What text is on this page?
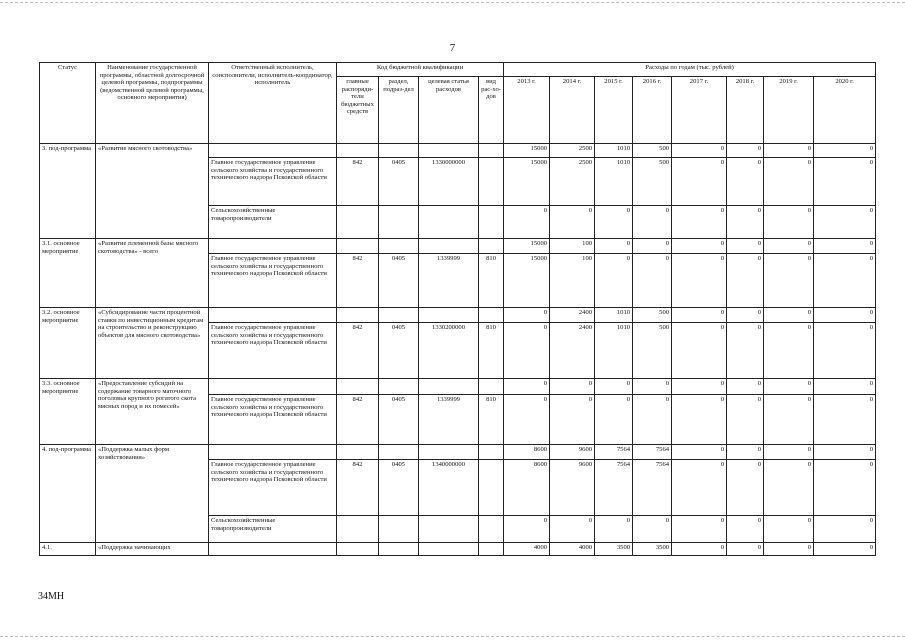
7
Статус	Наименование государственной программы, областной долгосрочной целевой программы, подпрограммы (ведомственной целевой программы, основного мероприятия)	Ответственный исполнитель, соисполнители, исполнитель-координатор, исполнитель	Код бюджетной квалификации				Расходы по годам (тыс. рублей)							
			главные распоряди-тели бюджетных средств	раздел, подраз-дел	целевая статья расходов	вид рас-хо-дов	2013 г.	2014 г.	2015 г.	2016 г.	2017 г.	2018 г.	2019 г.	2020 г.
3. под-программа	«Развитие мясного скотоводства»						15000	2500	1010	500	0	0	0	0
		Главное государственное управление сельского хозяйства и государственного технического надзора Псковской области	842	0405	1330000000		15000	2500	1010	500	0	0	0	0
		Сельскохозяйственные товаропроизводители					0	0	0	0	0	0	0	0
3.1. основное мероприятие	«Развитие племенной базы мясного скотоводства» - всего						15000	100	0	0	0	0	0	0
		Главное государственное управление сельского хозяйства и государственного технического надзора Псковской области	842	0405	1339999	810	15000	100	0	0	0	0	0	0
3.2. основное мероприятие	«Субсидирование части процентной ставки по инвестиционным кредитам на строительство и реконструкцию объектов для мясного скотоводства»						0	2400	1010	500	0	0	0	0
		Главное государственное управление сельского хозяйства и государственного технического надзора Псковской области	842	0405	1330200000	810	0	2400	1010	500	0	0	0	0
3.3. основное мероприятие	«Предоставление субсидий на содержание товарного маточного поголовья крупного рогатого скота мясных пород и их помесей»						0	0	0	0	0	0	0	0
		Главное государственное управление сельского хозяйства и государственного технического надзора Псковской области	842	0405	1339999	810	0	0	0	0	0	0	0	0
4. под-программа	«Поддержка малых форм хозяйствования»						8600	9600	7564	7564	0	0	0	0
		Главное государственное управление сельского хозяйства и государственного технического надзора Псковской области	842	0405	1340000000		8600	9600	7564	7564	0	0	0	0
		Сельскохозяйственные товаропроизводители					0	0	0	0	0	0	0	0
4.1.	«Поддержка начинающих						4000	4000	3500	3500	0	0	0	0
34МН
